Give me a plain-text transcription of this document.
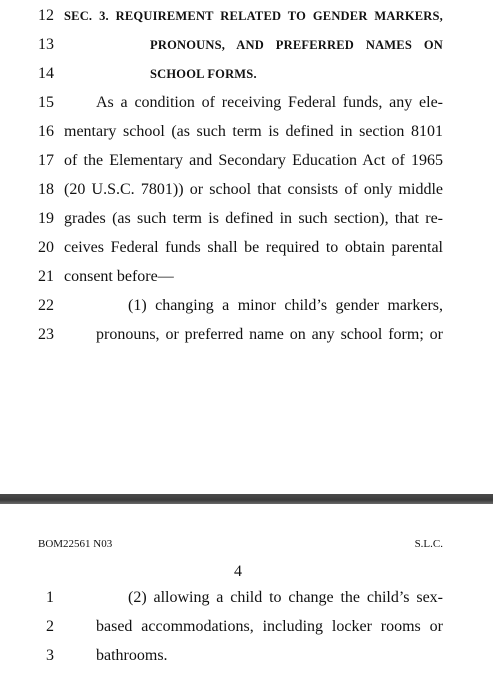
12 SEC. 3. REQUIREMENT RELATED TO GENDER MARKERS,
13	PRONOUNS, AND PREFERRED NAMES ON
14	SCHOOL FORMS.
15	As a condition of receiving Federal funds, any ele-
16 mentary school (as such term is defined in section 8101
17 of the Elementary and Secondary Education Act of 1965
18 (20 U.S.C. 7801)) or school that consists of only middle
19 grades (as such term is defined in such section), that re-
20 ceives Federal funds shall be required to obtain parental
21 consent before—
22	(1) changing a minor child’s gender markers,
23	pronouns, or preferred name on any school form; or
BOM22561 N03	S.L.C.
4
1	(2) allowing a child to change the child’s sex-
2	based accommodations, including locker rooms or
3	bathrooms.
